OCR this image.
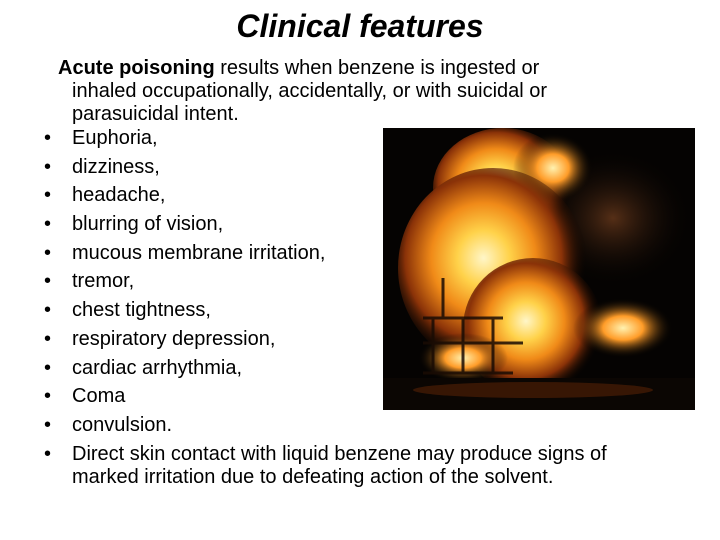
Clinical features
Acute poisoning results when benzene is ingested or
inhaled occupationally, accidentally, or with suicidal or
parasuicidal intent.
• Euphoria,
• dizziness,
• headache,
• blurring of vision,
• mucous membrane irritation,
• tremor,
• chest tightness,
• respiratory depression,
• cardiac arrhythmia,
• Coma
• convulsion.
• Direct skin contact with liquid benzene may produce signs of marked irritation due to defeating action of the solvent.
